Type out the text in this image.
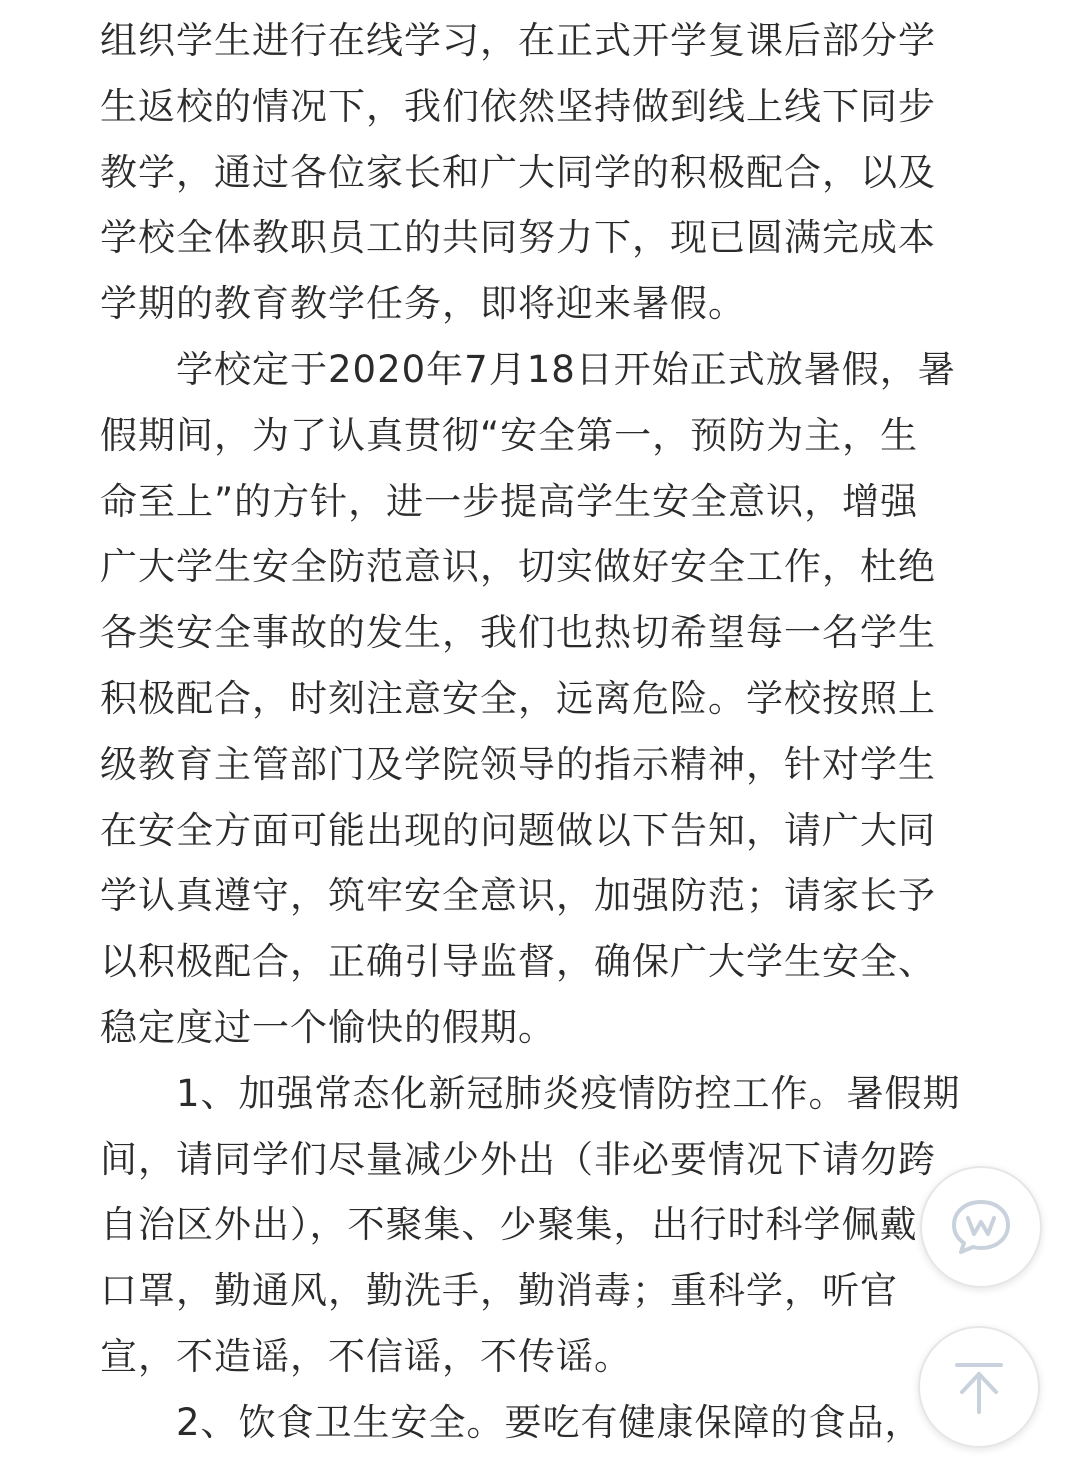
组织学生进行在线学习，在正式开学复课后部分学
生返校的情况下，我们依然坚持做到线上线下同步
教学，通过各位家长和广大同学的积极配合，以及
学校全体教职员工的共同努力下，现已圆满完成本
学期的教育教学任务，即将迎来暑假。

　　学校定于2020年7月18日开始正式放暑假，暑
假期间，为了认真贯彻“安全第一，预防为主，生
命至上”的方针，进一步提高学生安全意识，增强
广大学生安全防范意识，切实做好安全工作，杜绝
各类安全事故的发生，我们也热切希望每一名学生
积极配合，时刻注意安全，远离危险。学校按照上
级教育主管部门及学院领导的指示精神，针对学生
在安全方面可能出现的问题做以下告知，请广大同
学认真遵守，筑牢安全意识，加强防范；请家长予
以积极配合，正确引导监督，确保广大学生安全、
稳定度过一个愉快的假期。

　　1、加强常态化新冠肺炎疫情防控工作。暑假期
间，请同学们尽量减少外出（非必要情况下请勿跨
自治区外出），不聚集、少聚集，出行时科学佩戴
口罩，勤通风，勤洗手，勤消毒；重科学，听官
宣，不造谣，不信谣，不传谣。

　　2、饮食卫生安全。要吃有健康保障的食品，
